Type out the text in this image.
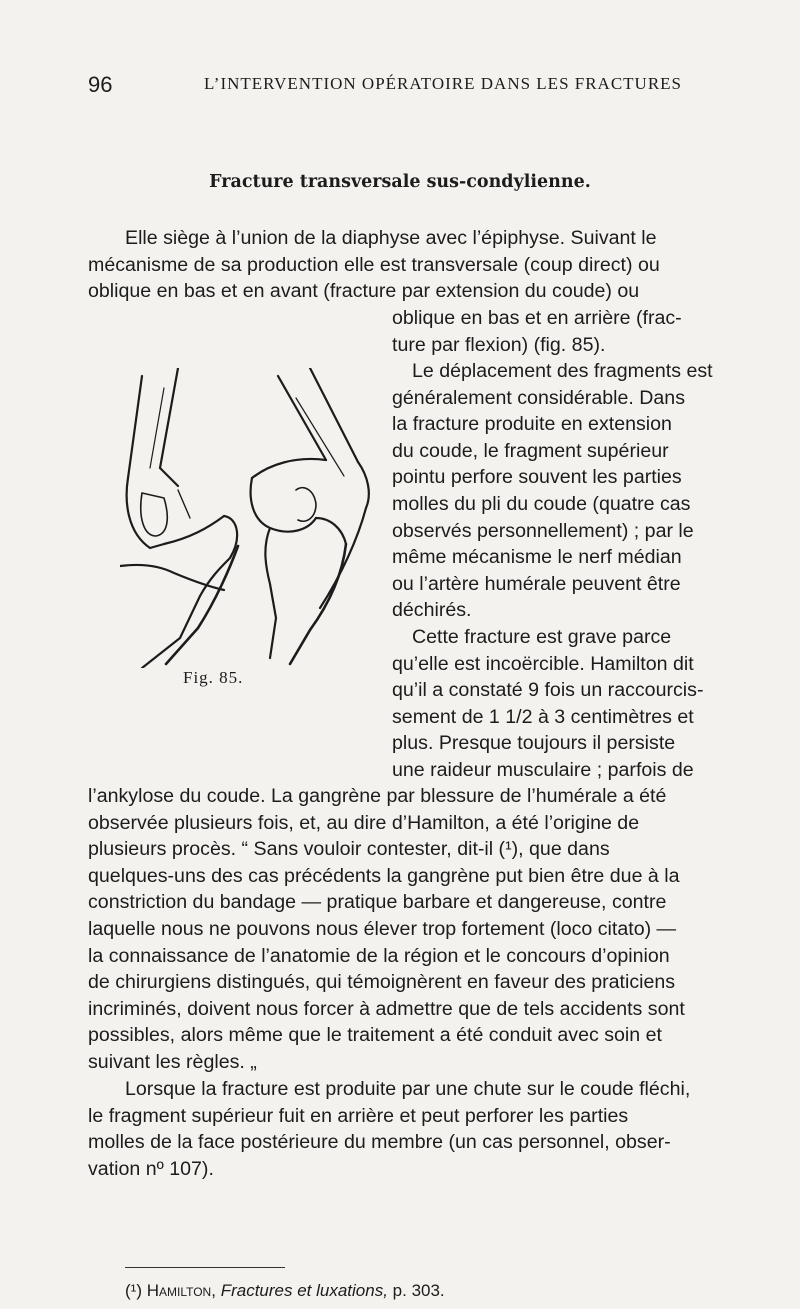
96	L’INTERVENTION OPÉRATOIRE DANS LES FRACTURES
Fracture transversale sus-condylienne.
Elle siège à l’union de la diaphyse avec l’épiphyse. Suivant le
mécanisme de sa production elle est transversale (coup direct) ou
oblique en bas et en avant (fracture par extension du coude) ou
oblique en bas et en arrière (frac-
ture par flexion) (fig. 85).
Le déplacement des fragments est
généralement considérable. Dans
la fracture produite en extension
du coude, le fragment supérieur
pointu perfore souvent les parties
molles du pli du coude (quatre cas
observés personnellement) ; par le
même mécanisme le nerf médian
ou l’artère humérale peuvent être
déchirés.
Cette fracture est grave parce
qu’elle est incoërcible. Hamilton dit
qu’il a constaté 9 fois un raccourcis-
sement de 1 1/2 à 3 centimètres et
plus. Presque toujours il persiste
une raideur musculaire ; parfois de
l’ankylose du coude. La gangrène par blessure de l’humérale a été
observée plusieurs fois, et, au dire d’Hamilton, a été l’origine de
plusieurs procès. “ Sans vouloir contester, dit-il (¹), que dans
quelques-uns des cas précédents la gangrène put bien être due à la
constriction du bandage — pratique barbare et dangereuse, contre
laquelle nous ne pouvons nous élever trop fortement (loco citato) —
la connaissance de l’anatomie de la région et le concours d’opinion
de chirurgiens distingués, qui témoignèrent en faveur des praticiens
incriminés, doivent nous forcer à admettre que de tels accidents sont
possibles, alors même que le traitement a été conduit avec soin et
suivant les règles. „
Lorsque la fracture est produite par une chute sur le coude fléchi,
le fragment supérieur fuit en arrière et peut perforer les parties
molles de la face postérieure du membre (un cas personnel, obser-
vation nº 107).
Fig. 85.
(¹) Hamilton, Fractures et luxations, p. 303.
